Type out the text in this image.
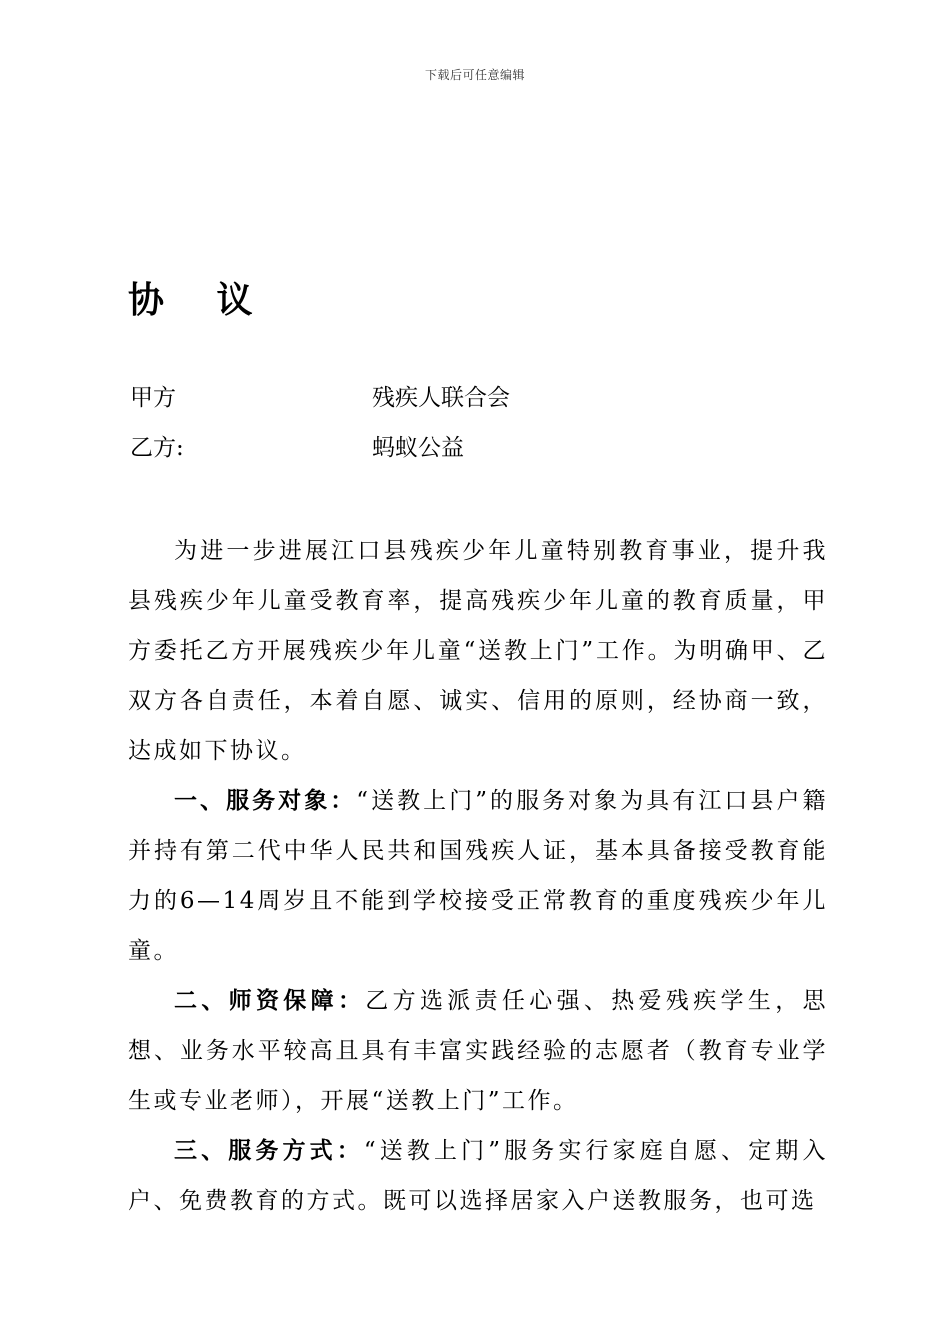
下载后可任意编辑
协 议
甲方	残疾人联合会
乙方:	蚂蚁公益

为进一步进展江口县残疾少年儿童特别教育事业，提升我县残疾少年儿童受教育率，提高残疾少年儿童的教育质量，甲方委托乙方开展残疾少年儿童“送教上门”工作。为明确甲、乙双方各自责任，本着自愿、诚实、信用的原则，经协商一致，达成如下协议。

一、服务对象：“送教上门”的服务对象为具有江口县户籍并持有第二代中华人民共和国残疾人证，基本具备接受教育能力的6—14周岁且不能到学校接受正常教育的重度残疾少年儿童。

二、师资保障：乙方选派责任心强、热爱残疾学生，思想、业务水平较高且具有丰富实践经验的志愿者（教育专业学生或专业老师），开展“送教上门”工作。

三、服务方式：“送教上门”服务实行家庭自愿、定期入户、免费教育的方式。既可以选择居家入户送教服务，也可选
